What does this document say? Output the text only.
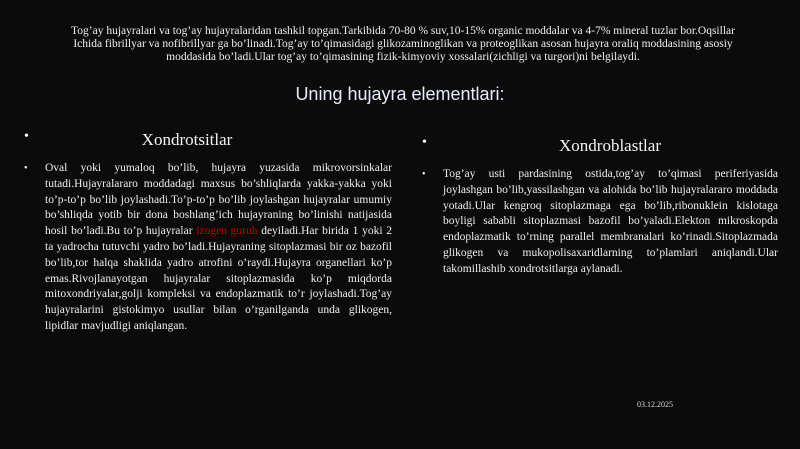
Tog’ay hujayralari va tog’ay hujayralaridan tashkil topgan.Tarkibida 70-80 % suv,10-15% organic moddalar va 4-7% mineral tuzlar bor.Oqsillar Ichida fibrillyar va nofibrillyar ga bo’linadi.Tog’ay to’qimasidagi glikozaminoglikan va proteoglikan asosan hujayra oraliq moddasining asosiy moddasida bo’ladi.Ular tog’ay to’qimasining fizik-kimyoviy xossalari(zichligi va turgori)ni belgilaydi.
Uning hujayra elementlari:
•	Xondrotsitlar
• Oval yoki yumaloq bo’lib, hujayra yuzasida mikrovorsinkalar tutadi.Hujayralararo moddadagi maxsus bo’shliqlarda yakka-yakka yoki to’p-to’p bo’lib joylashadi.To’p-to’p bo’lib joylashgan hujayralar umumiy bo’shliqda yotib bir dona boshlang’ich hujayraning bo’linishi natijasida hosil bo’ladi.Bu to’p hujayralar izogen guruh deyiladi.Har birida 1 yoki 2 ta yadrocha tutuvchi yadro bo’ladi.Hujayraning sitoplazmasi bir oz bazofil bo’lib,tor halqa shaklida yadro atrofini o’raydi.Hujayra organellari ko’p emas.Rivojlanayotgan hujayralar sitoplazmasida ko’p miqdorda mitoxondriyalar,golji kompleksi va endoplazmatik to’r joylashadi.Tog’ay hujayralarini gistokimyo usullar bilan o’rganilganda unda glikogen, lipidlar mavjudligi aniqlangan.
•	Xondroblastlar
• Tog’ay usti pardasining ostida,tog’ay to’qimasi periferiyasida joylashgan bo’lib,yassilashgan va alohida bo’lib hujayralararo moddada yotadi.Ular kengroq sitoplazmaga ega bo’lib,ribonuklein kislotaga boyligi sababli sitoplazmasi bazofil bo’yaladi.Elekton mikroskopda endoplazmatik to’rning parallel membranalari ko’rinadi.Sitoplazmada glikogen va mukopolisaxaridlarning to’plamlari aniqlandi.Ular takomillashib xondrotsitlarga aylanadi.
03.12.2025
